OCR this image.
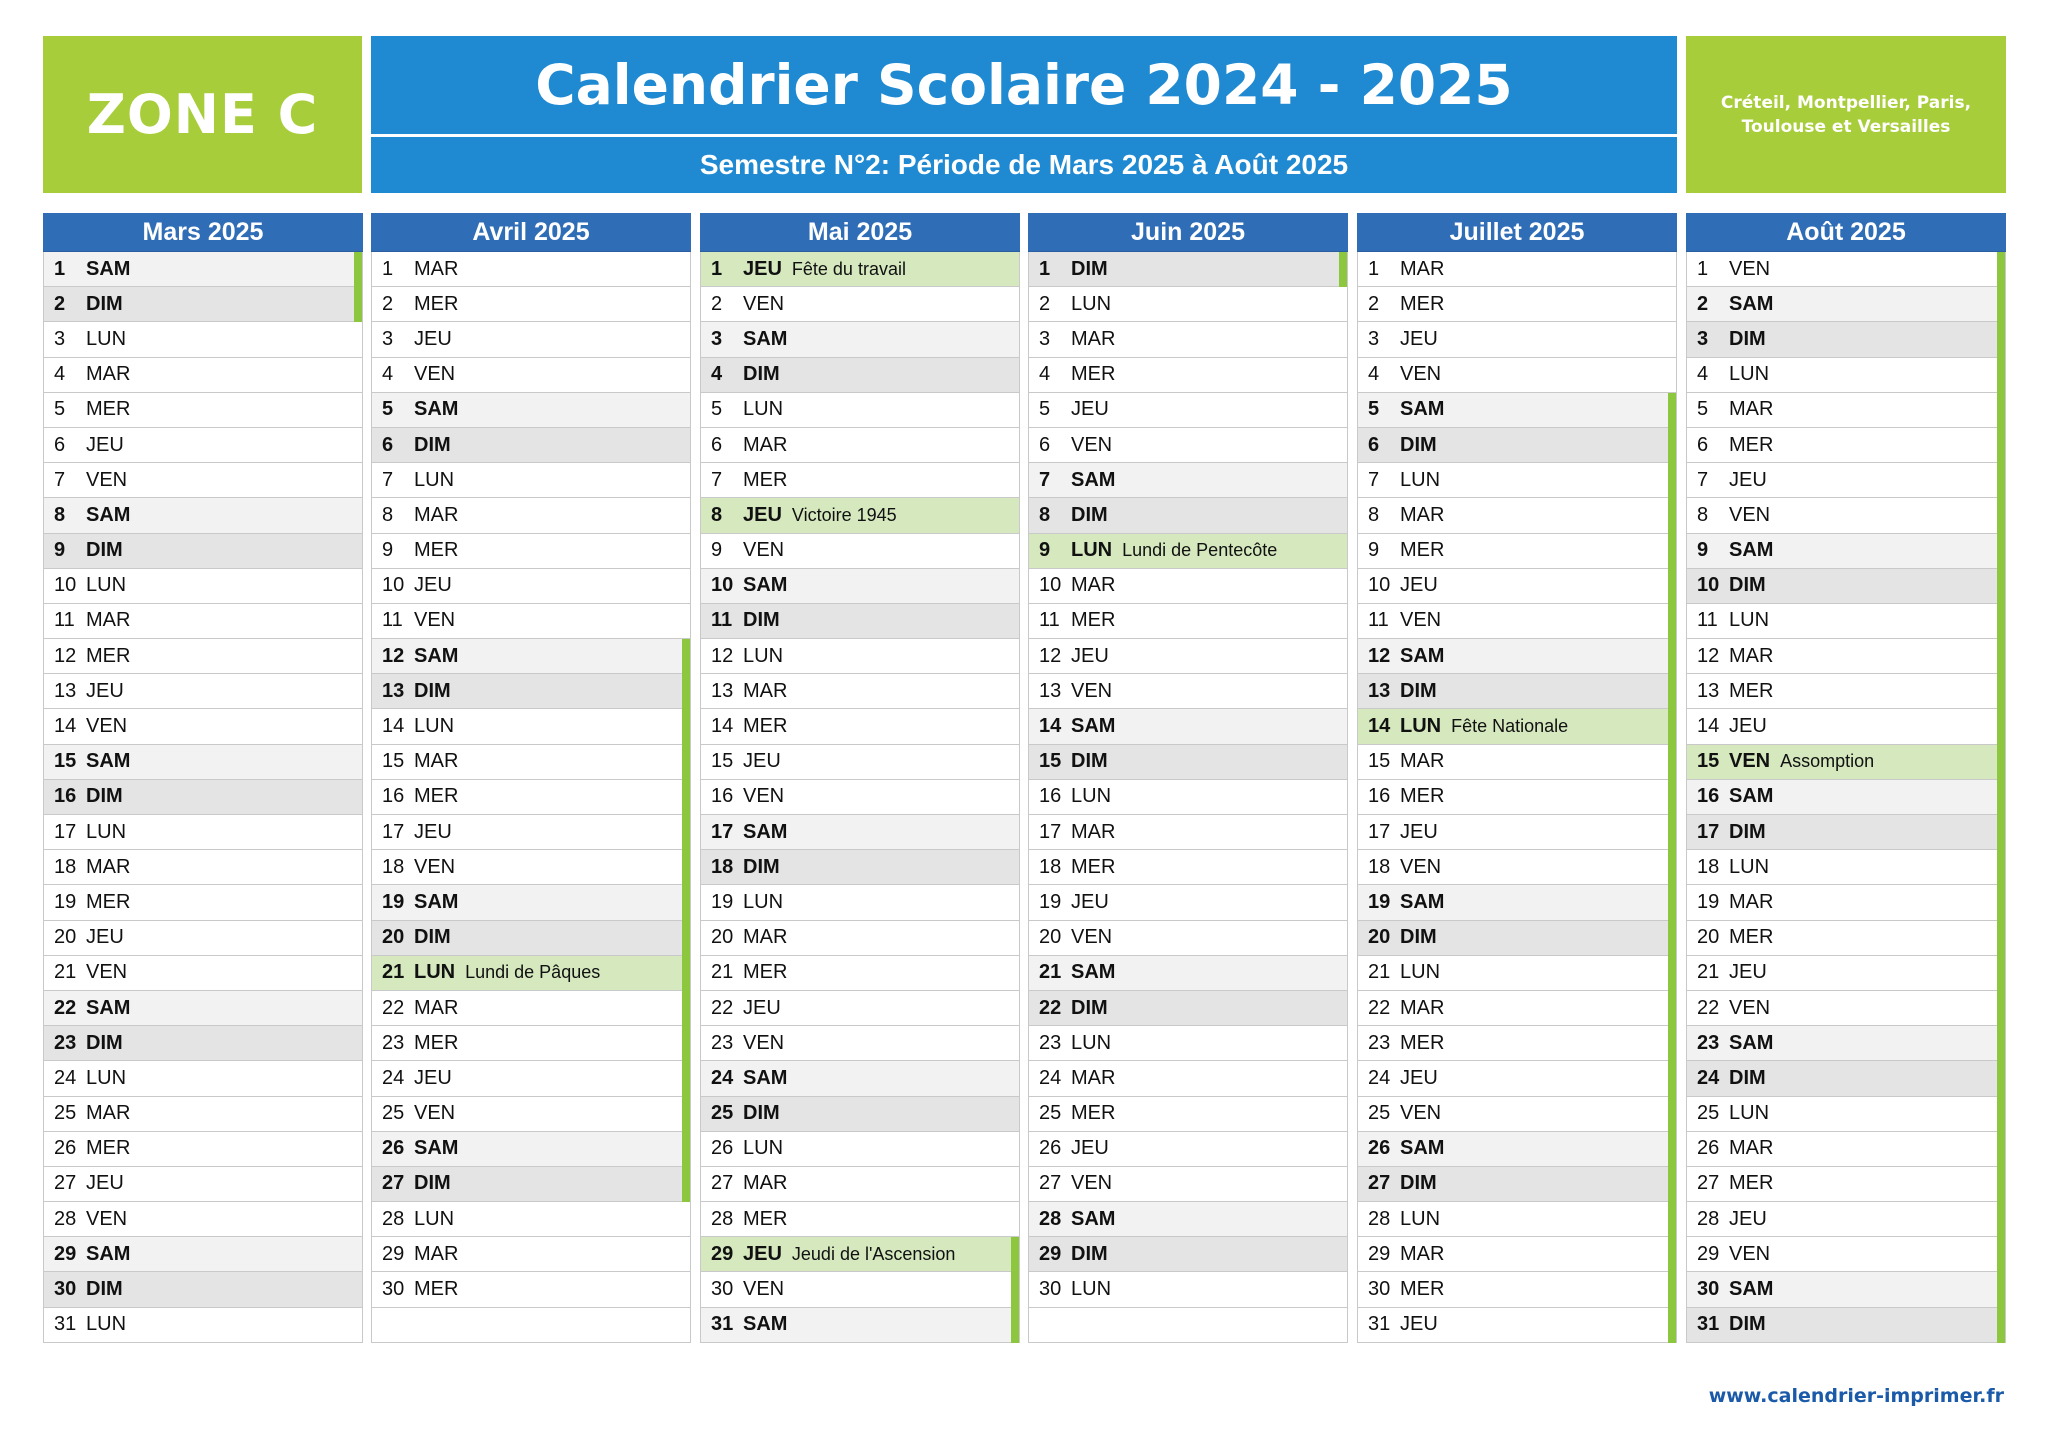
ZONE C	Calendrier Scolaire 2024 - 2025
Semestre N°2: Période de Mars 2025 à Août 2025
Créteil, Montpellier, Paris, Toulouse et Versailles
Mars 2025
1	SAM
2	DIM
3	LUN
4	MAR
5	MER
6	JEU
7	VEN
8	SAM
9	DIM
10 LUN
11 MAR
12 MER
13 JEU
14 VEN
15 SAM
16 DIM
17 LUN
18 MAR
19 MER
20 JEU
21 VEN
22 SAM
23 DIM
24 LUN
25 MAR
26 MER
27 JEU
28 VEN
29 SAM
30 DIM
31 LUN
Avril 2025
1	MAR
2	MER
3	JEU
4	VEN
5	SAM
6	DIM
7	LUN
8	MAR
9	MER
10 JEU
11 VEN
12 SAM
13 DIM
14 LUN
15 MAR
16 MER
17 JEU
18 VEN
19 SAM
20 DIM
21 LUN Lundi de Pâques
22 MAR
23 MER
24 JEU
25 VEN
26 SAM
27 DIM
28 LUN
29 MAR
30 MER
Mai 2025
1	JEU Fête du travail
2	VEN
3	SAM
4	DIM
5	LUN
6	MAR
7	MER
8	JEU Victoire 1945
9	VEN
10 SAM
11 DIM
12 LUN
13 MAR
14 MER
15 JEU
16 VEN
17 SAM
18 DIM
19 LUN
20 MAR
21 MER
22 JEU
23 VEN
24 SAM
25 DIM
26 LUN
27 MAR
28 MER
29 JEU Jeudi de l'Ascension
30 VEN
31 SAM
Juin 2025
1	DIM
2	LUN
3	MAR
4	MER
5	JEU
6	VEN
7	SAM
8	DIM
9	LUN Lundi de Pentecôte
10 MAR
11 MER
12 JEU
13 VEN
14 SAM
15 DIM
16 LUN
17 MAR
18 MER
19 JEU
20 VEN
21 SAM
22 DIM
23 LUN
24 MAR
25 MER
26 JEU
27 VEN
28 SAM
29 DIM
30 LUN
Juillet 2025
1	MAR
2	MER
3	JEU
4	VEN
5	SAM
6	DIM
7	LUN
8	MAR
9	MER
10 JEU
11 VEN
12 SAM
13 DIM
14 LUN Fête Nationale
15 MAR
16 MER
17 JEU
18 VEN
19 SAM
20 DIM
21 LUN
22 MAR
23 MER
24 JEU
25 VEN
26 SAM
27 DIM
28 LUN
29 MAR
30 MER
31 JEU
Août 2025
1	VEN
2	SAM
3	DIM
4	LUN
5	MAR
6	MER
7	JEU
8	VEN
9	SAM
10 DIM
11 LUN
12 MAR
13 MER
14 JEU
15 VEN Assomption
16 SAM
17 DIM
18 LUN
19 MAR
20 MER
21 JEU
22 VEN
23 SAM
24 DIM
25 LUN
26 MAR
27 MER
28 JEU
29 VEN
30 SAM
31 DIM
www.calendrier-imprimer.fr
